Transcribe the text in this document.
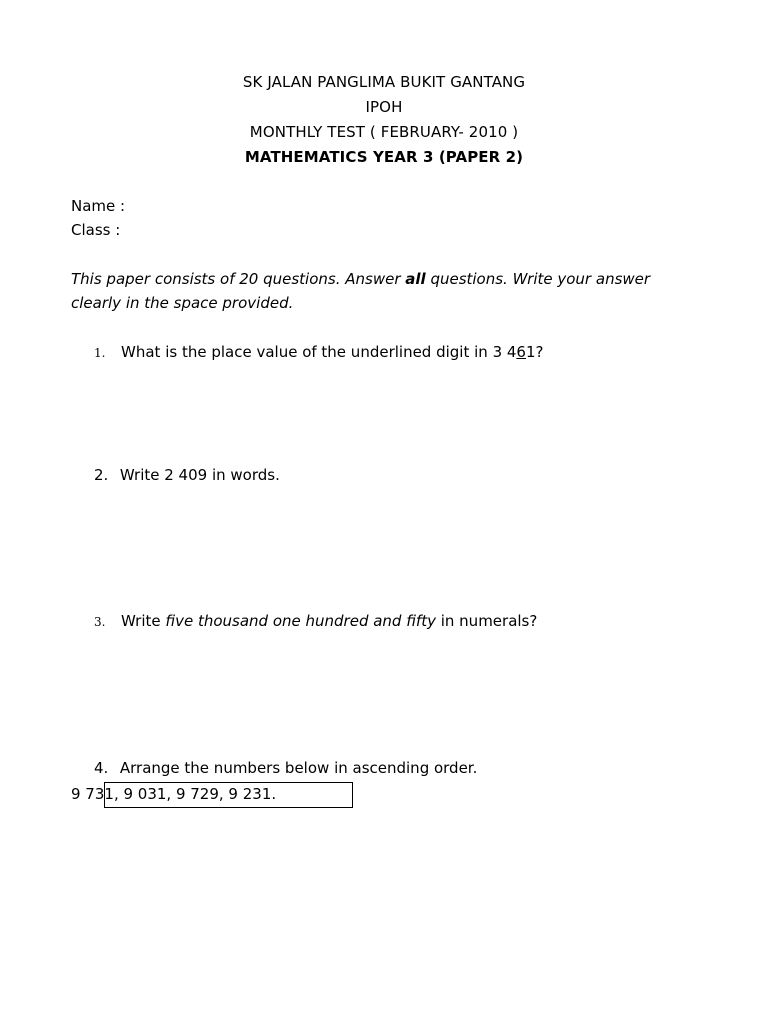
SK JALAN PANGLIMA BUKIT GANTANG
IPOH
MONTHLY TEST ( FEBRUARY- 2010 )
MATHEMATICS YEAR 3 (PAPER 2)
Name :
Class :
This paper consists of 20 questions. Answer all questions. Write your answer
clearly in the space provided.
1. What is the place value of the underlined digit in 3 461?
2. Write 2 409 in words.
3. Write five thousand one hundred and fifty in numerals?
4. Arrange the numbers below in ascending order.
9 731, 9 031, 9 729, 9 231.
